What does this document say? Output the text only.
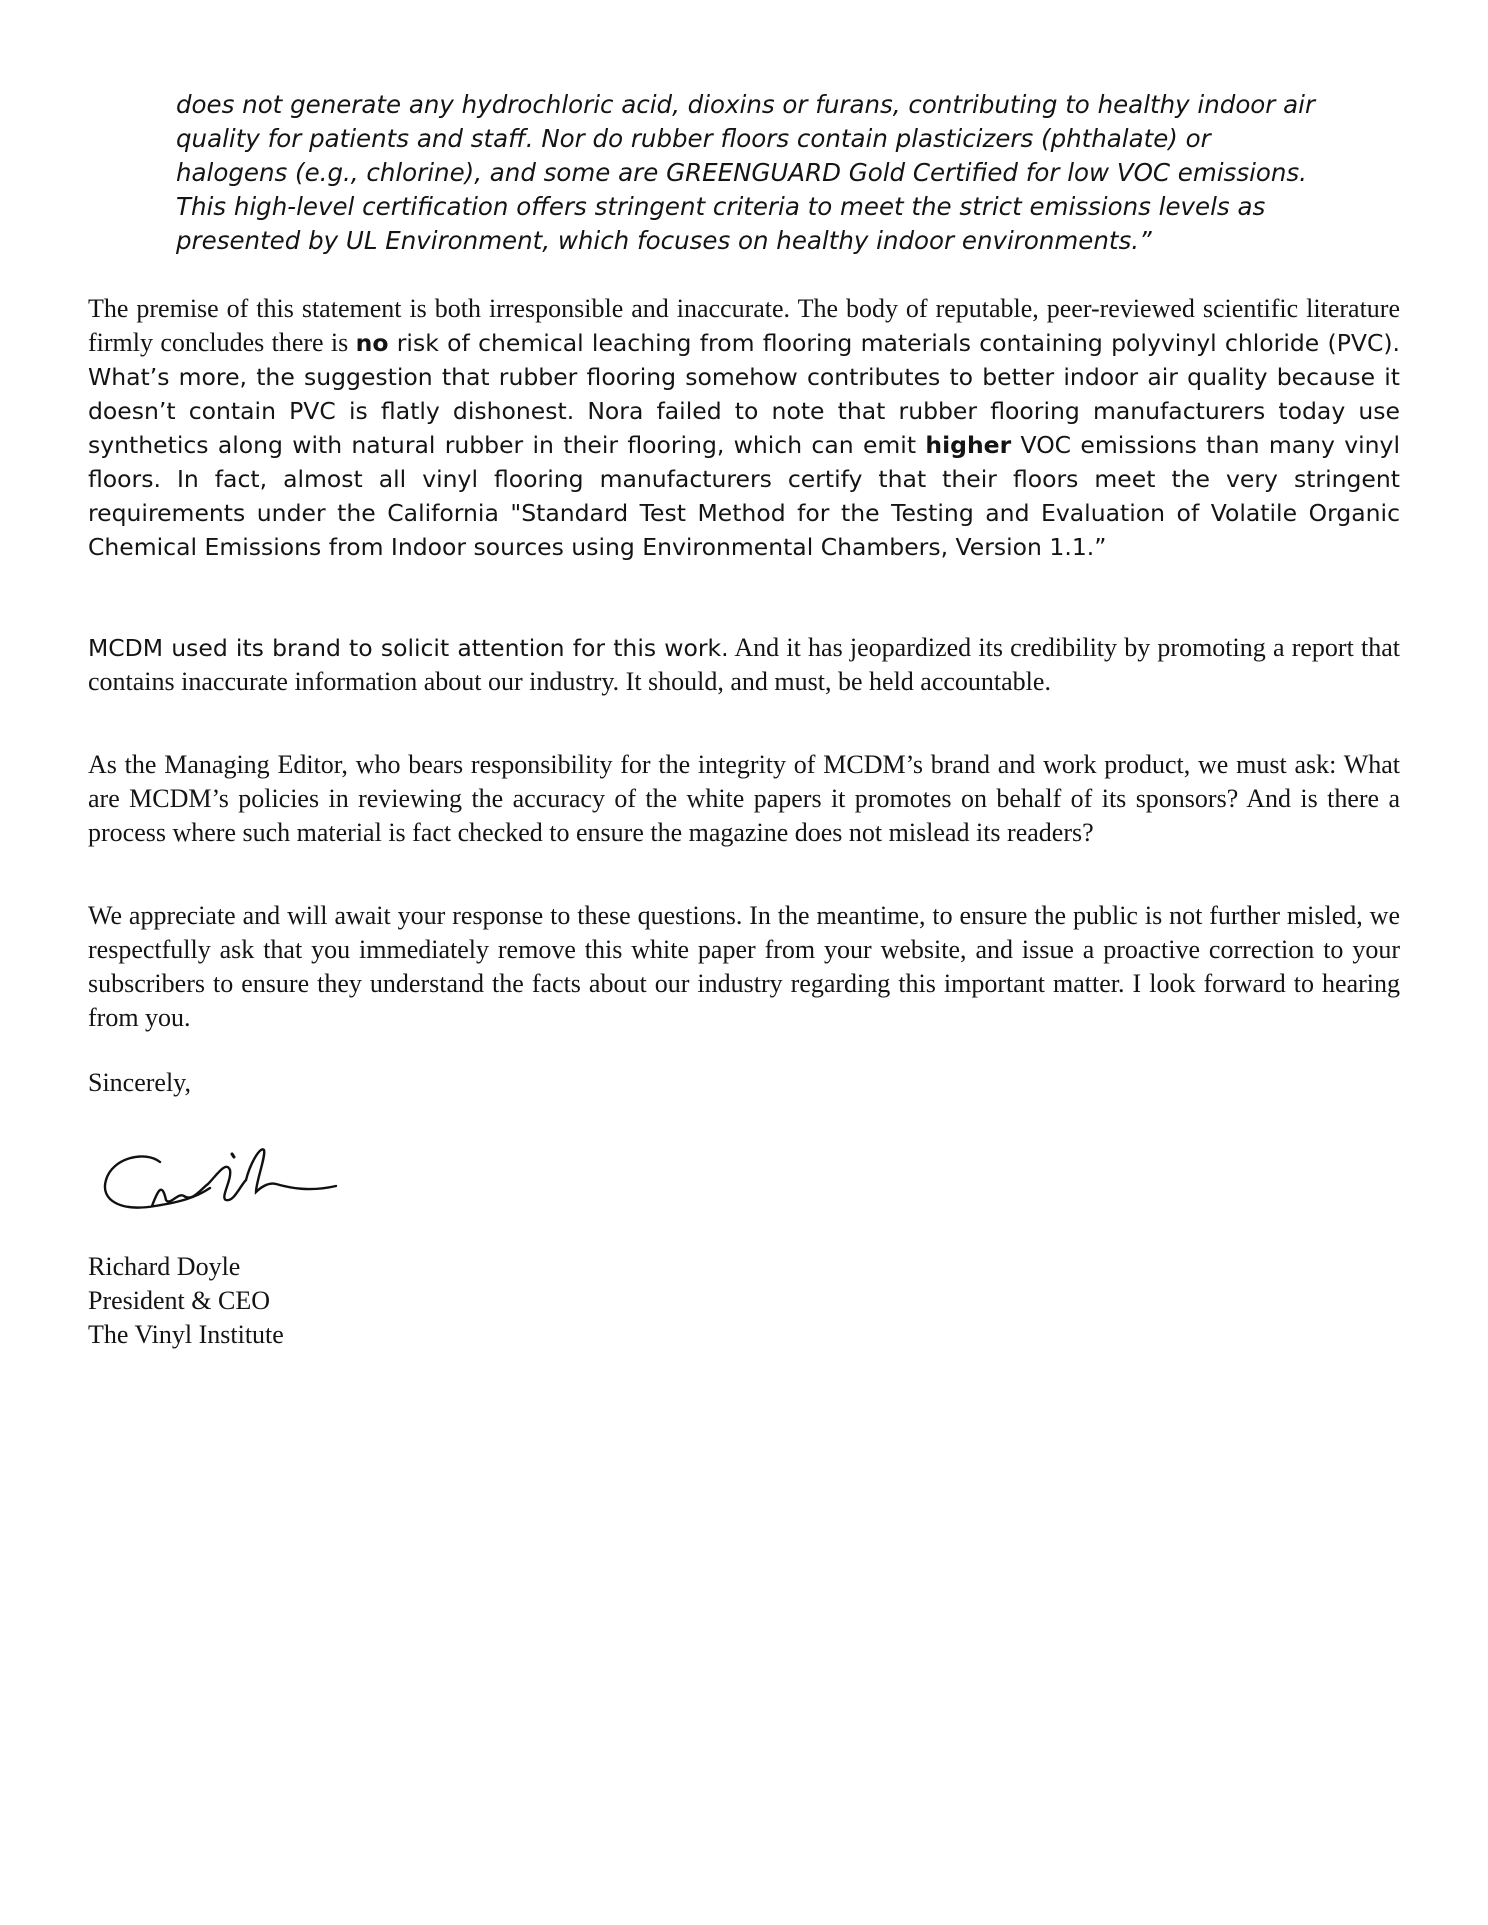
does not generate any hydrochloric acid, dioxins or furans, contributing to healthy indoor air quality for patients and staff. Nor do rubber floors contain plasticizers (phthalate) or halogens (e.g., chlorine), and some are GREENGUARD Gold Certified for low VOC emissions. This high-level certification offers stringent criteria to meet the strict emissions levels as presented by UL Environment, which focuses on healthy indoor environments.”

The premise of this statement is both irresponsible and inaccurate. The body of reputable, peer-reviewed scientific literature firmly concludes there is no risk of chemical leaching from flooring materials containing polyvinyl chloride (PVC). What’s more, the suggestion that rubber flooring somehow contributes to better indoor air quality because it doesn’t contain PVC is flatly dishonest. Nora failed to note that rubber flooring manufacturers today use synthetics along with natural rubber in their flooring, which can emit higher VOC emissions than many vinyl floors. In fact, almost all vinyl flooring manufacturers certify that their floors meet the very stringent requirements under the California "Standard Test Method for the Testing and Evaluation of Volatile Organic Chemical Emissions from Indoor sources using Environmental Chambers, Version 1.1.”

MCDM used its brand to solicit attention for this work. And it has jeopardized its credibility by promoting a report that contains inaccurate information about our industry. It should, and must, be held accountable.

As the Managing Editor, who bears responsibility for the integrity of MCDM’s brand and work product, we must ask: What are MCDM’s policies in reviewing the accuracy of the white papers it promotes on behalf of its sponsors? And is there a process where such material is fact checked to ensure the magazine does not mislead its readers?

We appreciate and will await your response to these questions. In the meantime, to ensure the public is not further misled, we respectfully ask that you immediately remove this white paper from your website, and issue a proactive correction to your subscribers to ensure they understand the facts about our industry regarding this important matter. I look forward to hearing from you.

Sincerely,

Richard Doyle
President & CEO
The Vinyl Institute
